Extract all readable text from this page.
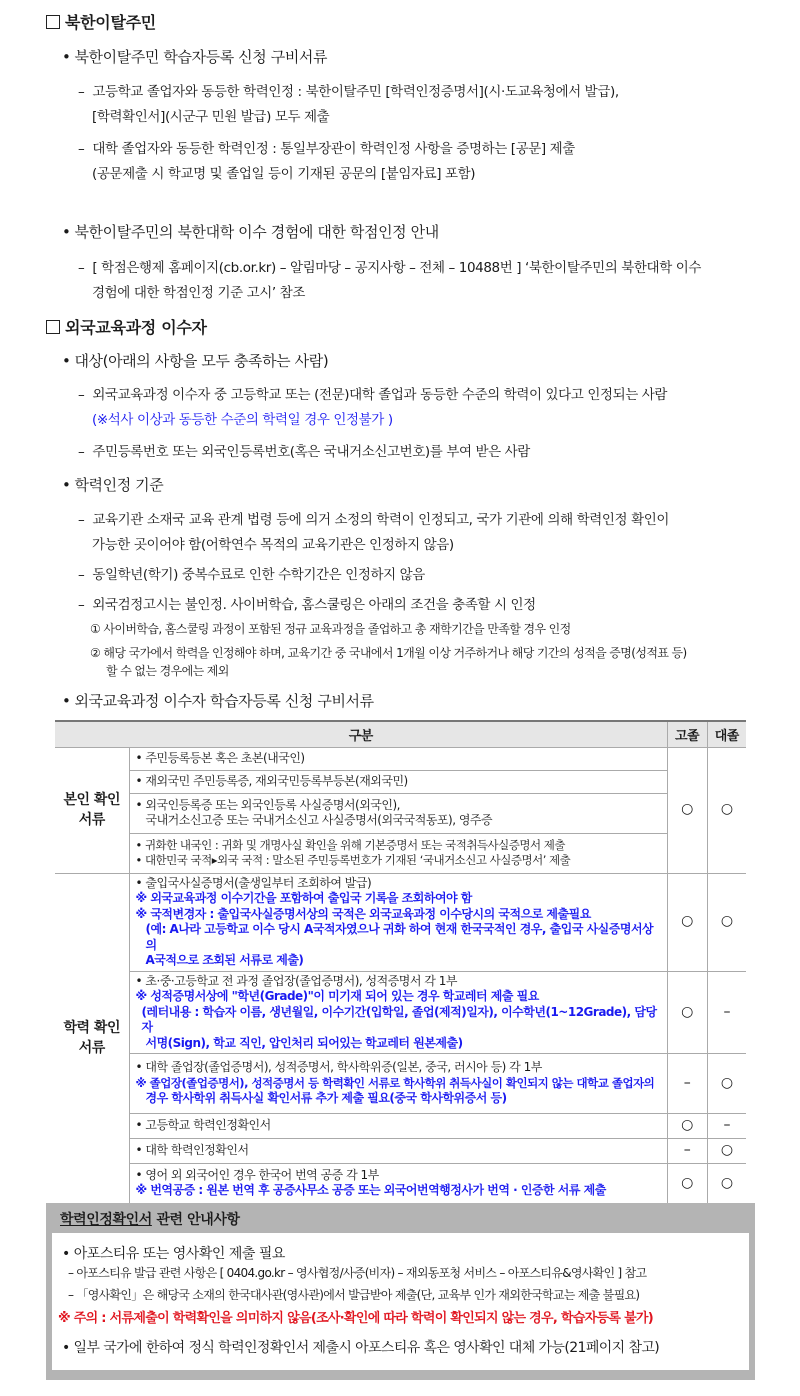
북한이탈주민
• 북한이탈주민 학습자등록 신청 구비서류
– 고등학교 졸업자와 동등한 학력인정 : 북한이탈주민 [학력인정증명서](시·도교육청에서 발급),
[학력확인서](시군구 민원 발급) 모두 제출
– 대학 졸업자와 동등한 학력인정 : 통일부장관이 학력인정 사항을 증명하는 [공문] 제출
(공문제출 시 학교명 및 졸업일 등이 기재된 공문의 [붙임자료] 포함)
• 북한이탈주민의 북한대학 이수 경험에 대한 학점인정 안내
– [ 학점은행제 홈페이지(cb.or.kr) – 알림마당 – 공지사항 – 전체 – 10488번 ] ‘북한이탈주민의 북한대학 이수
경험에 대한 학점인정 기준 고시’ 참조
외국교육과정 이수자
• 대상(아래의 사항을 모두 충족하는 사람)
– 외국교육과정 이수자 중 고등학교 또는 (전문)대학 졸업과 동등한 수준의 학력이 있다고 인정되는 사람
(※석사 이상과 동등한 수준의 학력일 경우 인정불가 )
– 주민등록번호 또는 외국인등록번호(혹은 국내거소신고번호)를 부여 받은 사람
• 학력인정 기준
– 교육기관 소재국 교육 관계 법령 등에 의거 소정의 학력이 인정되고, 국가 기관에 의해 학력인정 확인이
가능한 곳이어야 함(어학연수 목적의 교육기관은 인정하지 않음)
– 동일학년(학기) 중복수료로 인한 수학기간은 인정하지 않음
– 외국검정고시는 불인정. 사이버학습, 홈스쿨링은 아래의 조건을 충족할 시 인정
① 사이버학습, 홈스쿨링 과정이 포함된 정규 교육과정을 졸업하고 총 재학기간을 만족할 경우 인정
② 해당 국가에서 학력을 인정해야 하며, 교육기간 중 국내에서 1개월 이상 거주하거나 해당 기간의 성적을 증명(성적표 등)
할 수 없는 경우에는 제외
• 외국교육과정 이수자 학습자등록 신청 구비서류
구분		고졸	대졸
본인 확인
서류	• 주민등록등본 혹은 초본(내국인)	○	○
	• 재외국민 주민등록증, 재외국민등록부등본(재외국민)
	• 외국인등록증 또는 외국인등록 사실증명서(외국인),

국내거소신고증 또는 국내거소신고 사실증명서(외국국적동포), 영주증

	• 귀화한 내국인 : 귀화 및 개명사실 확인을 위해 기본증명서 또는 국적취득사실증명서 제출
• 대한민국 국적▸외국 국적 : 말소된 주민등록번호가 기재된 ‘국내거소신고 사실증명서’ 제출
학력 확인
서류	• 출입국사실증명서(출생일부터 조회하여 발급)
※ 외국교육과정 이수기간을 포함하여 출입국 기록을 조회하여야 함
※ 국적변경자 : 출입국사실증명서상의 국적은 외국교육과정 이수당시의 국적으로 제출필요

(예: A나라 고등학교 이수 당시 A국적자였으나 귀화 하여 현재 한국국적인 경우, 출입국 사실증명서상의
A국적으로 조회된 서류로 제출)	○	○
	• 초·중·고등학교 전 과정 졸업장(졸업증명서), 성적증명서 각 1부
※ 성적증명서상에 "학년(Grade)"이 미기재 되어 있는 경우 학교레터 제출 필요

(레터내용 : 학습자 이름, 생년월일, 이수기간(입학일, 졸업(제적)일자), 이수학년(1~12Grade), 담당자
서명(Sign), 학교 직인, 압인처리 되어있는 학교레터 원본제출)	○	–
	• 대학 졸업장(졸업증명서), 성적증명서, 학사학위증(일본, 중국, 러시아 등) 각 1부
※ 졸업장(졸업증명서), 성적증명서 등 학력확인 서류로 학사학위 취득사실이 확인되지 않는 대학교 졸업자의

경우 학사학위 취득사실 확인서류 추가 제출 필요(중국 학사학위증서 등)	–	○
	• 고등학교 학력인정확인서	○	–
	• 대학 학력인정확인서	–	○
	• 영어 외 외국어인 경우 한국어 번역 공증 각 1부
※ 번역공증 : 원본 번역 후 공증사무소 공증 또는 외국어번역행정사가 번역 · 인증한 서류 제출	○	○
학력인정확인서 관련 안내사항
• 아포스티유 또는 영사확인 제출 필요
– 아포스티유 발급 관련 사항은 [ 0404.go.kr – 영사협정/사증(비자) – 재외동포청 서비스 – 아포스티유&영사확인 ] 참고
– 「영사확인」은 해당국 소재의 한국대사관(영사관)에서 발급받아 제출(단, 교육부 인가 재외한국학교는 제출 불필요)
※ 주의 : 서류제출이 학력확인을 의미하지 않음(조사·확인에 따라 학력이 확인되지 않는 경우, 학습자등록 불가)
• 일부 국가에 한하여 정식 학력인정확인서 제출시 아포스티유 혹은 영사확인 대체 가능(21페이지 참고)
